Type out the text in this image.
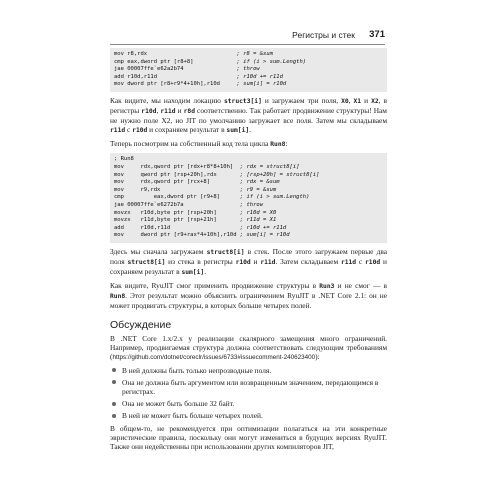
Регистры и стек 371
mov r8,rdx                           ; r8 = &sum
cmp eax,dword ptr [r8+8]             ; if (i > sum.Length)
jae 00007ffe`e62a2b74                ; throw
add r10d,r11d                        ; r10d += r11d
mov dword ptr [r8+r9*4+10h],r10d     ; sum[i] = r10d

Как видите, мы находим локацию struct3[i] и загружаем три поля, X0, X1 и X2, в регистры r10d, r11d и r8d соответственно. Так работает продвижение структуры! Нам не нужно поле X2, но JIT по умолчанию загружает все поля. Затем мы складываем r11d с r10d и сохраняем результат в sum[i].

Теперь посмотрим на собственный код тела цикла Run8:

; Run8
mov     rdx,qword ptr [rdx+r8*8+10h]  ; rdx = struct8[i]
mov     qword ptr [rsp+20h],rdx       ; [rsp+20h] = struct8[i]
mov     rdx,qword ptr [rcx+8]         ; rdx = &sum
mov     r9,rdx                        ; r9 = &sum
cmp         eax,dword ptr [r9+8]      ; if (i > sum.Length)
jae 00007ffe`e6272b7a                 ; throw
movzx   r10d,byte ptr [rsp+20h]       ; r10d = X0
movzx   r11d,byte ptr [rsp+21h]       ; r11d = X1
add     r10d,r11d                     ; r10d += r11d
mov     dword ptr [r9+rax*4+10h],r10d ; sum[i] = r10d

Здесь мы сначала загружаем struct8[i] в стек. После этого загружаем первые два поля struct8[i] из стека в регистры r10d и r11d. Затем складываем r11d с r10d и сохраняем результат в sum[i].

Как видите, RyuJIT смог применить продвижение структуры в Run3 и не смог — в Run8. Этот результат можно объяснить ограничением RyuJIT в .NET Core 2.1: он не может продвигать структуры, в которых больше четырех полей.

Обсуждение

В .NET Core 1.x/2.x у реализации скалярного замещения много ограничений. Например, продвигаемая структура должна соответствовать следующим требованиям (https://github.com/dotnet/coreclr/issues/6733#issuecomment-240623400):

В ней должны быть только непрозводные поля.
Она не должна быть аргументом или возвращенным значением, передающимся в регистрах.
Она не может быть больше 32 байт.
В ней не может быть больше четырех полей.

В общем-то, не рекомендуется при оптимизации полагаться на эти конкретные эвристические правила, поскольку они могут измениться в будущих версиях RyuJIT. Также они недейственны при использовании других компиляторов JIT,
